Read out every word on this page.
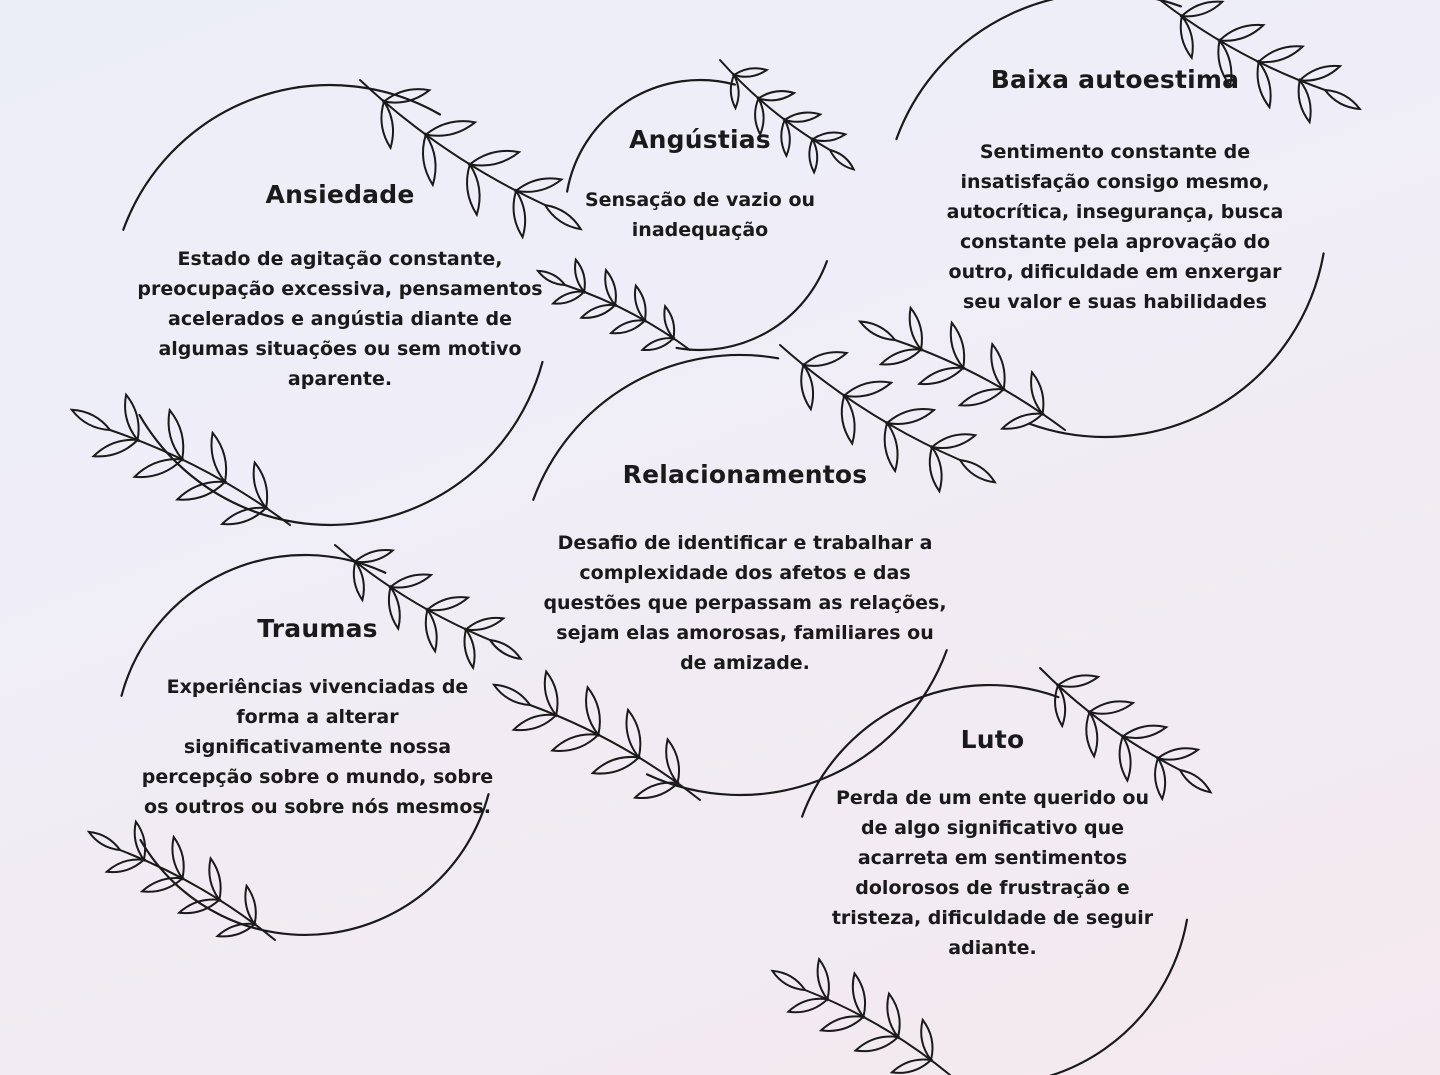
Ansiedade
Estado de agitação constante, preocupação excessiva, pensamentos acelerados e angústia diante de algumas situações ou sem motivo aparente.
Angústias
Sensação de vazio ou inadequação
Baixa autoestima
Sentimento constante de insatisfação consigo mesmo, autocrítica, insegurança, busca constante pela aprovação do outro, dificuldade em enxergar seu valor e suas habilidades
Relacionamentos
Desafio de identificar e trabalhar a complexidade dos afetos e das questões que perpassam as relações, sejam elas amorosas, familiares ou de amizade.
Traumas
Experiências vivenciadas de forma a alterar significativamente nossa percepção sobre o mundo, sobre os outros ou sobre nós mesmos.
Luto
Perda de um ente querido ou de algo significativo que acarreta em sentimentos dolorosos de frustração e tristeza, dificuldade de seguir adiante.
